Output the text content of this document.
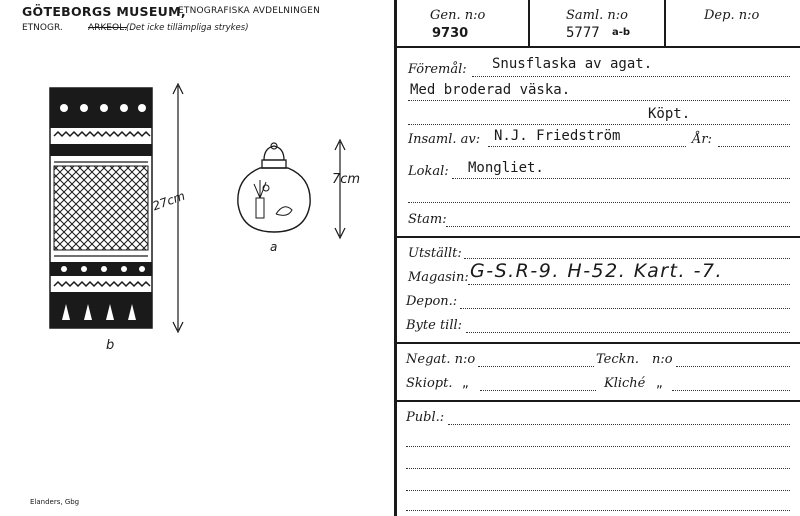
GÖTEBORGS MUSEUM,
ETNOGRAFISKA AVDELNINGEN
ETNOGR.	ARKEOL. (Det icke tillämpliga strykes)
27cm
b
7cm
a
Elanders, Gbg
Gen. n:o
9730
Saml. n:o
5777 a-b
Dep. n:o
Föremål: Snusflaska av agat.
Med broderad väska.
Köpt.
Insaml. av: N.J. Friedström	År:
Lokal: Mongliet.
Stam:
Utställt:
Magasin: G-S.R-9. H-52. Kart. -7.
Depon.:
Byte till:
Negat. n:o	Teckn. n:o
Skiopt. „	Kliché „
Publ.:
